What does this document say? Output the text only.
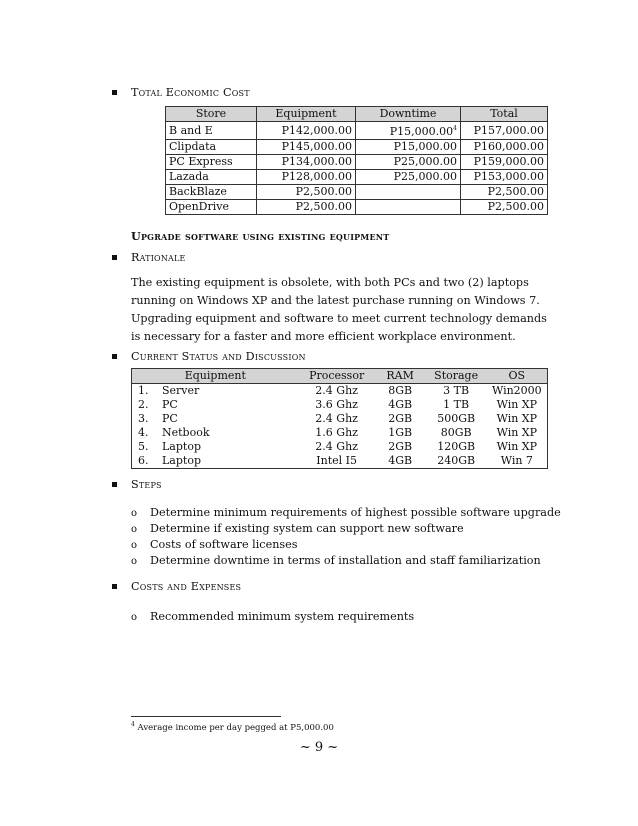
Total Economic Cost
Store	Equipment	Downtime	Total
B and E	P142,000.00	P15,000.00$^4$	P157,000.00
Clipdata	P145,000.00	P15,000.00	P160,000.00
PC Express	P134,000.00	P25,000.00	P159,000.00
Lazada	P128,000.00	P25,000.00	P153,000.00
BackBlaze	P2,500.00		P2,500.00
OpenDrive	P2,500.00		P2,500.00
Upgrade software using existing equipment
Rationale
The existing equipment is obsolete, with both PCs and two (2) laptops running on Windows XP and the latest purchase running on Windows 7. Upgrading equipment and software to meet current technology demands is necessary for a faster and more efficient workplace environment.
Current Status and Discussion
Equipment		Processor	RAM	Storage	OS
1.	Server	2.4 Ghz	8GB	3 TB	Win2000
2.	PC	3.6 Ghz	4GB	1 TB	Win XP
3.	PC	2.4 Ghz	2GB	500GB	Win XP
4.	Netbook	1.6 Ghz	1GB	80GB	Win XP
5.	Laptop	2.4 Ghz	2GB	120GB	Win XP
6.	Laptop	Intel I5	4GB	240GB	Win 7
Steps
o Determine minimum requirements of highest possible software upgrade
o Determine if existing system can support new software
o Costs of software licenses
o Determine downtime in terms of installation and staff familiarization
Costs and Expenses
o Recommended minimum system requirements
$^4$ Average income per day pegged at P5,000.00
~ 9 ~
